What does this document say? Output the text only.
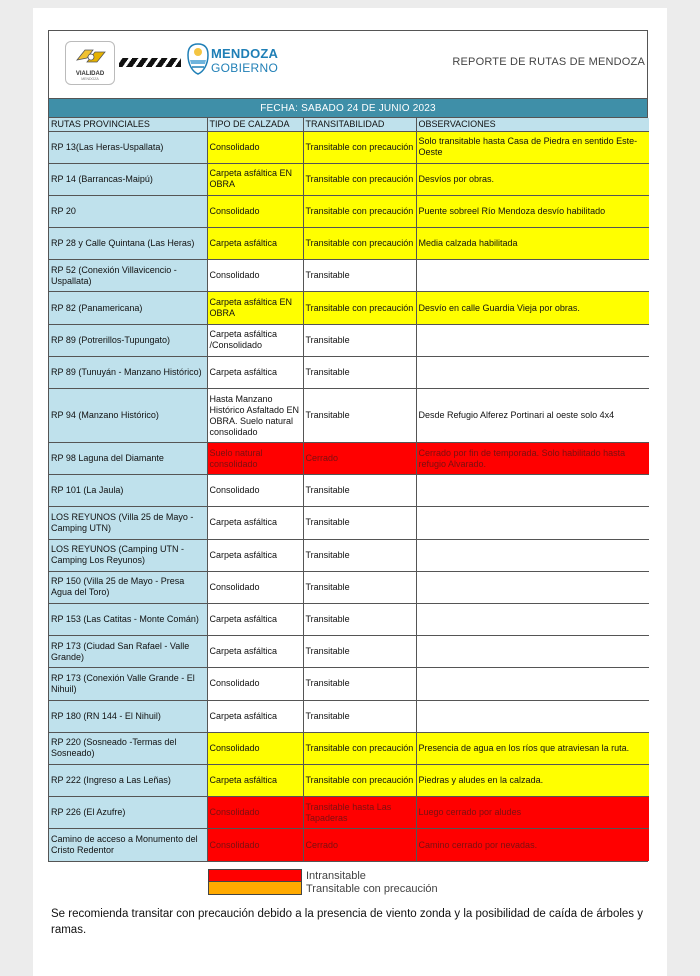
VIALIDAD
MENDOZA
MENDOZA
GOBIERNO	REPORTE DE RUTAS DE MENDOZA
FECHA: SABADO 24 DE JUNIO 2023
RUTAS PROVINCIALES	TIPO DE CALZADA	TRANSITABILIDAD	OBSERVACIONES
RP 13(Las Heras-Uspallata)	Consolidado	Transitable con precaución	Solo transitable hasta Casa de Piedra en sentido Este-Oeste
RP 14 (Barrancas-Maipú)	Carpeta asfáltica EN OBRA	Transitable con precaución	Desvíos por obras.
RP 20	Consolidado	Transitable con precaución	Puente sobreel Río Mendoza desvío habilitado
RP 28 y Calle Quintana (Las Heras)	Carpeta asfáltica	Transitable con precaución	Media calzada habilitada
RP 52 (Conexión Villavicencio - Uspallata)	Consolidado	Transitable	
RP 82 (Panamericana)	Carpeta asfáltica EN OBRA	Transitable con precaución	Desvío en calle Guardia Vieja por obras.
RP 89 (Potrerillos-Tupungato)	Carpeta asfáltica /Consolidado	Transitable	
RP 89 (Tunuyán - Manzano Histórico)	Carpeta asfáltica	Transitable	
RP 94 (Manzano Histórico)	Hasta Manzano Histórico Asfaltado EN OBRA. Suelo natural consolidado	Transitable	Desde Refugio Alferez Portinari al oeste solo 4x4
RP 98 Laguna del Diamante	Suelo natural consolidado	Cerrado	Cerrado por fin de temporada. Solo habilitado hasta refugio Alvarado.
RP 101 (La Jaula)	Consolidado	Transitable	
LOS REYUNOS (Villa 25 de Mayo - Camping UTN)	Carpeta asfáltica	Transitable	
LOS REYUNOS (Camping UTN - Camping Los Reyunos)	Carpeta asfáltica	Transitable	
RP 150 (Villa 25 de Mayo - Presa Agua del Toro)	Consolidado	Transitable	
RP 153 (Las Catitas - Monte Comán)	Carpeta asfáltica	Transitable	
RP 173 (Ciudad San Rafael - Valle Grande)	Carpeta asfáltica	Transitable	
RP 173 (Conexión Valle Grande - El Nihuil)	Consolidado	Transitable	
RP 180 (RN 144 - El Nihuil)	Carpeta asfáltica	Transitable	
RP 220 (Sosneado -Termas del Sosneado)	Consolidado	Transitable con precaución	Presencia de agua en los ríos que atraviesan la ruta.
RP 222 (Ingreso a Las Leñas)	Carpeta asfáltica	Transitable con precaución	Piedras y aludes en la calzada.
RP 226 (El Azufre)	Consolidado	Transitable hasta Las Tapaderas	Luego cerrado por aludes
Camino de acceso a Monumento del Cristo Redentor	Consolidado	Cerrado	Camino cerrado por nevadas.
Intransitable
Transitable con precaución
Se recomienda transitar con precaución debido a la presencia de viento zonda y la posibilidad de caída de árboles y ramas.
